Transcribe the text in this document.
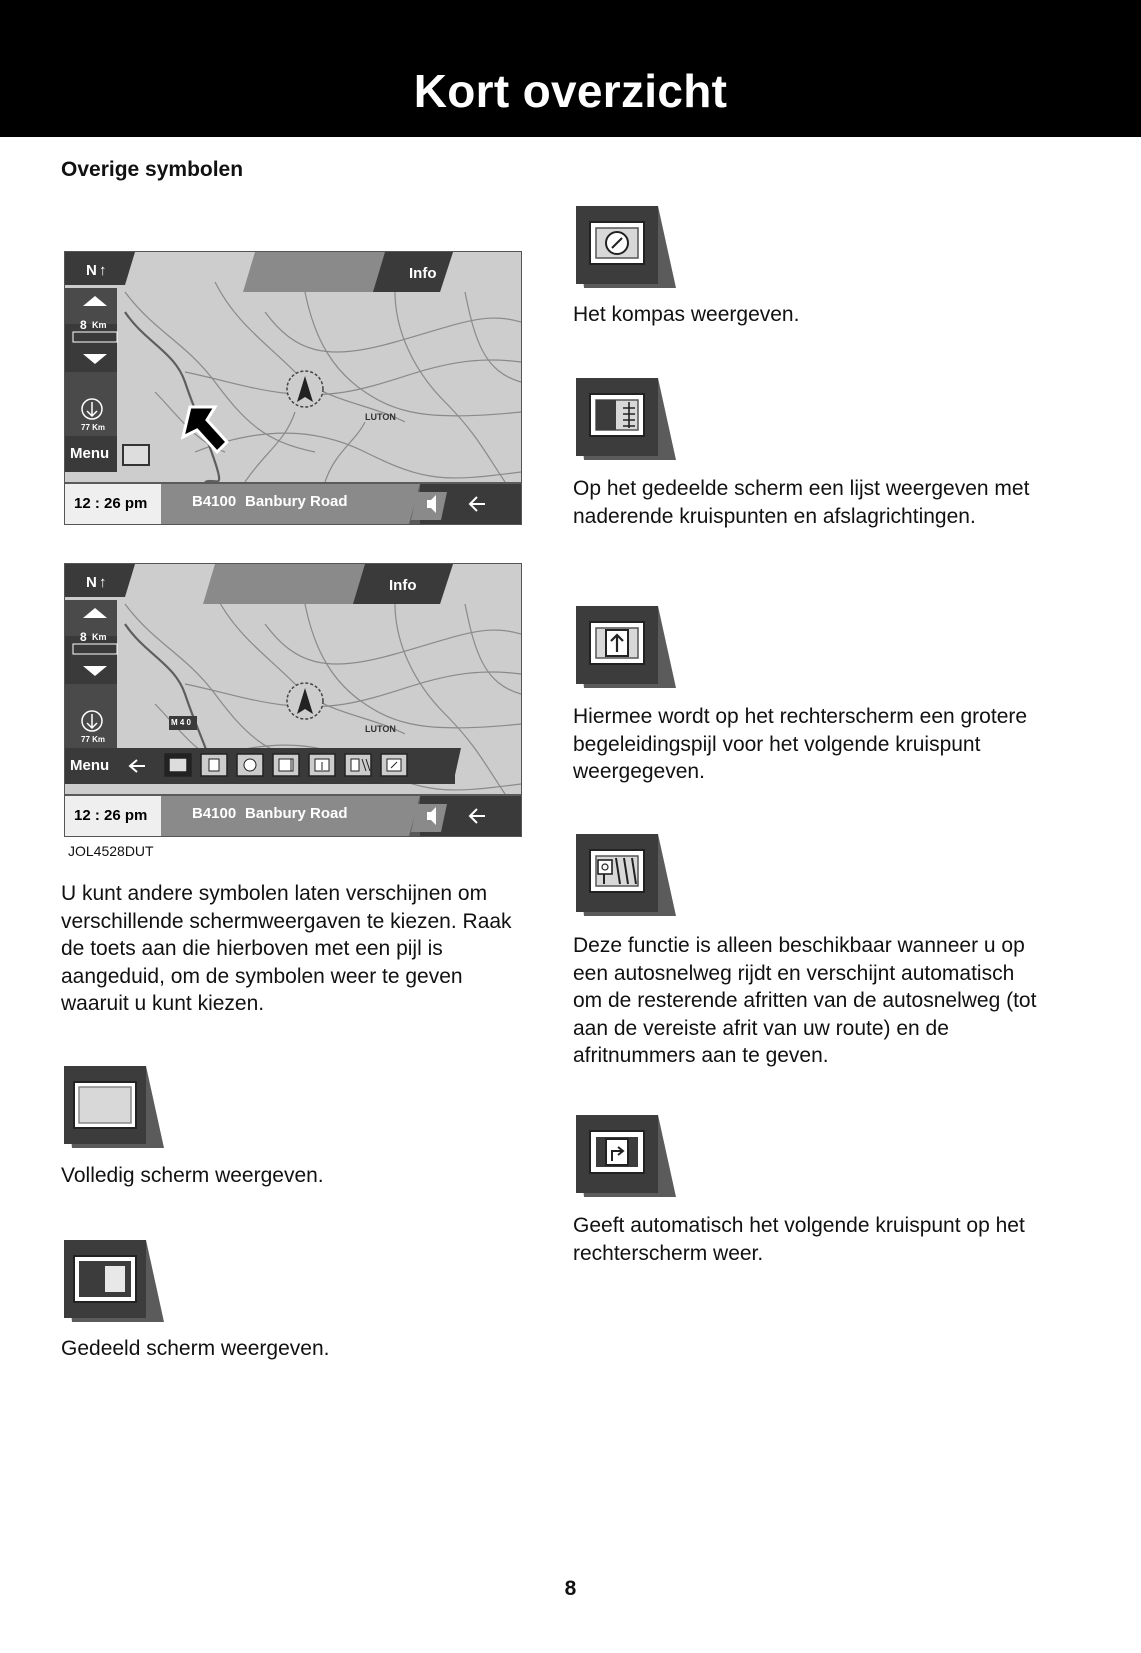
Kort overzicht
Overige symbolen
N ↑	Info
8 Km
77 Km
Menu
12 : 26 pm	B4100 Banbury Road
LUTON
N ↑	Info
8 Km
77 Km
M 4 0
Menu
12 : 26 pm	B4100 Banbury Road
LUTON
JOL4528DUT

U kunt andere symbolen laten verschijnen om verschillende schermweergaven te kiezen. Raak de toets aan die hierboven met een pijl is aangeduid, om de symbolen weer te geven waaruit u kunt kiezen.

Volledig scherm weergeven.

Gedeeld scherm weergeven.

Het kompas weergeven.

Op het gedeelde scherm een lijst weergeven met naderende kruispunten en afslagrichtingen.

Hiermee wordt op het rechterscherm een grotere begeleidingspijl voor het volgende kruispunt weergegeven.

Deze functie is alleen beschikbaar wanneer u op een autosnelweg rijdt en verschijnt automatisch om de resterende afritten van de autosnelweg (tot aan de vereiste afrit van uw route) en de afritnummers aan te geven.

Geeft automatisch het volgende kruispunt op het rechterscherm weer.

8
